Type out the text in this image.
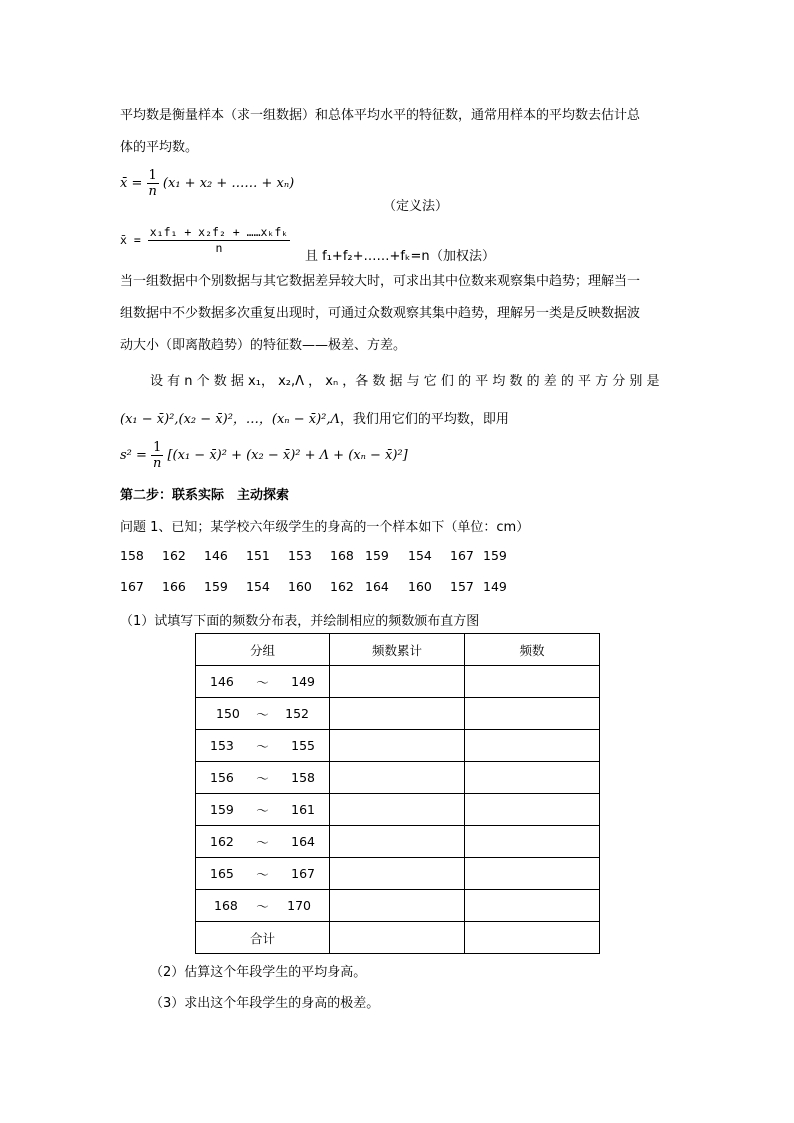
平均数是衡量样本（求一组数据）和总体平均水平的特征数，通常用样本的平均数去估计总
体的平均数。
x̄ = $\frac{1}{n} (x_1 + x_2$ + …… + xₙ)
（定义法）
x̄ = $\frac{\text{x₁f₁ + x₂f₂ + ……xₖfₖ}}{n}$
且 f₁+f₂+……+fₖ=n （加权法）
当一组数据中个别数据与其它数据差异较大时，可求出其中位数来观察集中趋势；理解当一
组数据中不少数据多次重复出现时，可通过众数观察其集中趋势，理解另一类是反映数据波
动大小（即离散趋势）的特征数——极差、方差。
设 有 n 个 数 据 x₁， x₂,Λ ， xₙ ，各 数 据 与 它 们 的 平 均 数 的 差 的 平 方 分 别 是
(x₁ − x̄)²,(x₂ − x̄)²，…，(xₙ − x̄)²,Λ，我们用它们的平均数，即用
$s^2 = \frac{1}{n} [(x_1$ − x̄)² + (x₂ − x̄)² + Λ + (xₙ − x̄)²]
第二步：联系实际　主动探索
问题 1、已知；某学校六年级学生的身高的一个样本如下（单位：cm）
158 162 146 151 153 168 159 154 167 159
167 166 159 154 160 162 164 160 157 149
（1）试填写下面的频数分布表，并绘制相应的频数颁布直方图
分组	频数累计	频数

146 ～ 149		

150 ～ 152		

153 ～ 155		

156 ～ 158		

159 ～ 161		

162 ～ 164		

165 ～ 167		

168 ～ 170		

合计		
（2）估算这个年段学生的平均身高。
（3）求出这个年段学生的身高的极差。
